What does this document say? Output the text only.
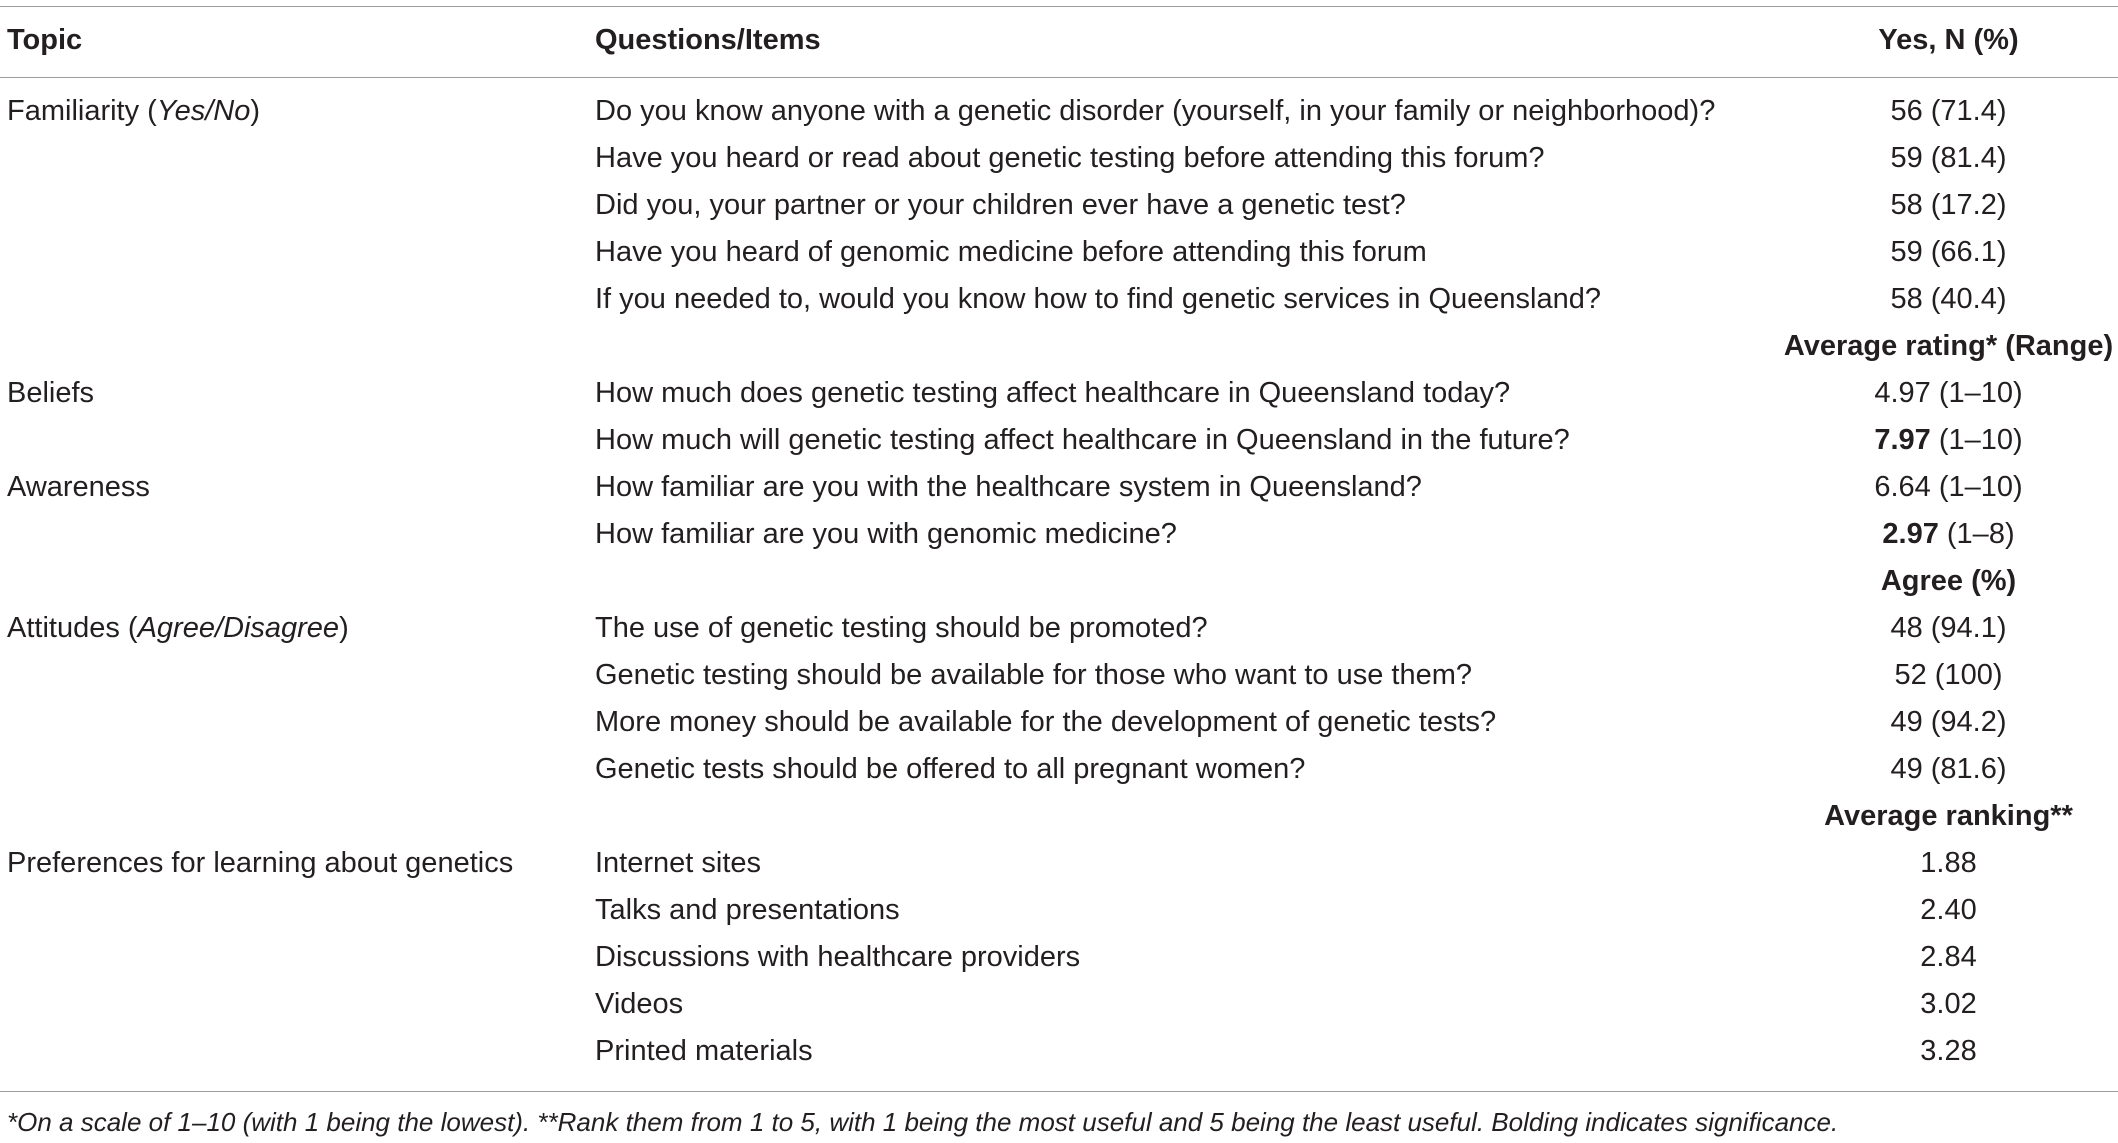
Topic	Questions/Items	Yes, N (%)
Familiarity (Yes/No)	Do you know anyone with a genetic disorder (yourself, in your family or neighborhood)?	56 (71.4)
Have you heard or read about genetic testing before attending this forum?	59 (81.4)
Did you, your partner or your children ever have a genetic test?	58 (17.2)
Have you heard of genomic medicine before attending this forum	59 (66.1)
If you needed to, would you know how to find genetic services in Queensland?	58 (40.4)
Average rating* (Range)
Beliefs	How much does genetic testing affect healthcare in Queensland today?	4.97 (1–10)
How much will genetic testing affect healthcare in Queensland in the future?	7.97 (1–10)
Awareness	How familiar are you with the healthcare system in Queensland?	6.64 (1–10)
How familiar are you with genomic medicine?	2.97 (1–8)
Agree (%)
Attitudes (Agree/Disagree)	The use of genetic testing should be promoted?	48 (94.1)
Genetic testing should be available for those who want to use them?	52 (100)
More money should be available for the development of genetic tests?	49 (94.2)
Genetic tests should be offered to all pregnant women?	49 (81.6)
Average ranking**
Preferences for learning about genetics	Internet sites	1.88
Talks and presentations	2.40
Discussions with healthcare providers	2.84
Videos	3.02
Printed materials	3.28
*On a scale of 1–10 (with 1 being the lowest). **Rank them from 1 to 5, with 1 being the most useful and 5 being the least useful. Bolding indicates significance.
